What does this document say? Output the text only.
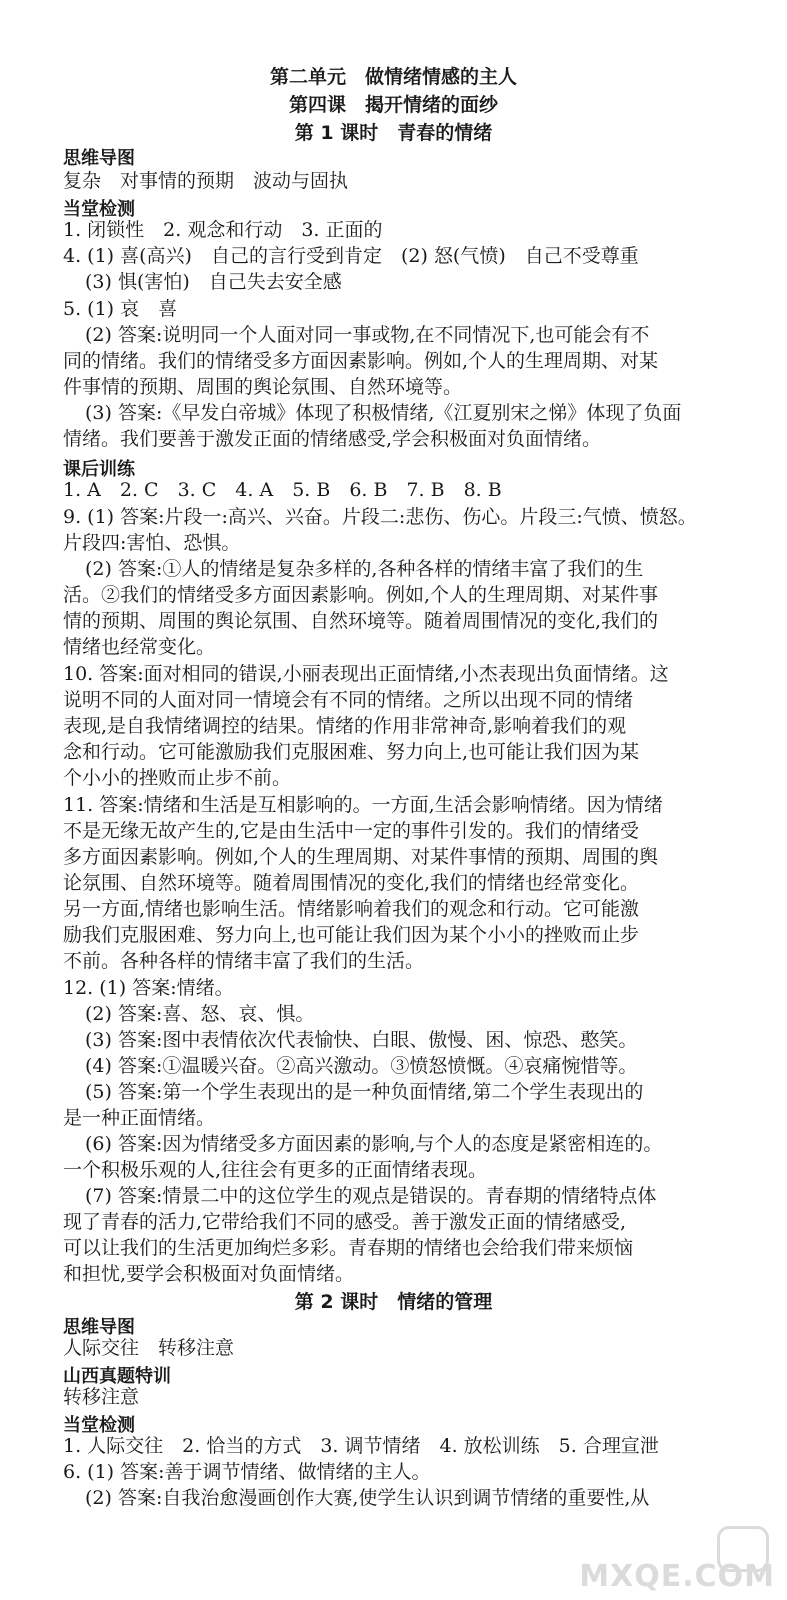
第二单元　做情绪情感的主人
第四课　揭开情绪的面纱
第 1 课时　青春的情绪
思维导图
复杂　对事情的预期　波动与固执
当堂检测
1. 闭锁性　2. 观念和行动　3. 正面的
4. (1) 喜(高兴)　自己的言行受到肯定　(2) 怒(气愤)　自己不受尊重
(3) 惧(害怕)　自己失去安全感
5. (1) 哀　喜
(2) 答案:说明同一个人面对同一事或物,在不同情况下,也可能会有不
同的情绪。我们的情绪受多方面因素影响。例如,个人的生理周期、对某
件事情的预期、周围的舆论氛围、自然环境等。
(3) 答案:《早发白帝城》体现了积极情绪,《江夏别宋之悌》体现了负面
情绪。我们要善于激发正面的情绪感受,学会积极面对负面情绪。
课后训练
1. A　2. C　3. C　4. A　5. B　6. B　7. B　8. B
9. (1) 答案:片段一:高兴、兴奋。片段二:悲伤、伤心。片段三:气愤、愤怒。
片段四:害怕、恐惧。
(2) 答案:①人的情绪是复杂多样的,各种各样的情绪丰富了我们的生
活。②我们的情绪受多方面因素影响。例如,个人的生理周期、对某件事
情的预期、周围的舆论氛围、自然环境等。随着周围情况的变化,我们的
情绪也经常变化。
10. 答案:面对相同的错误,小丽表现出正面情绪,小杰表现出负面情绪。这
说明不同的人面对同一情境会有不同的情绪。之所以出现不同的情绪
表现,是自我情绪调控的结果。情绪的作用非常神奇,影响着我们的观
念和行动。它可能激励我们克服困难、努力向上,也可能让我们因为某
个小小的挫败而止步不前。
11. 答案:情绪和生活是互相影响的。一方面,生活会影响情绪。因为情绪
不是无缘无故产生的,它是由生活中一定的事件引发的。我们的情绪受
多方面因素影响。例如,个人的生理周期、对某件事情的预期、周围的舆
论氛围、自然环境等。随着周围情况的变化,我们的情绪也经常变化。
另一方面,情绪也影响生活。情绪影响着我们的观念和行动。它可能激
励我们克服困难、努力向上,也可能让我们因为某个小小的挫败而止步
不前。各种各样的情绪丰富了我们的生活。
12. (1) 答案:情绪。
(2) 答案:喜、怒、哀、惧。
(3) 答案:图中表情依次代表愉快、白眼、傲慢、困、惊恐、憨笑。
(4) 答案:①温暖兴奋。②高兴激动。③愤怒愤慨。④哀痛惋惜等。
(5) 答案:第一个学生表现出的是一种负面情绪,第二个学生表现出的
是一种正面情绪。
(6) 答案:因为情绪受多方面因素的影响,与个人的态度是紧密相连的。
一个积极乐观的人,往往会有更多的正面情绪表现。
(7) 答案:情景二中的这位学生的观点是错误的。青春期的情绪特点体
现了青春的活力,它带给我们不同的感受。善于激发正面的情绪感受,
可以让我们的生活更加绚烂多彩。青春期的情绪也会给我们带来烦恼
和担忧,要学会积极面对负面情绪。
第 2 课时　情绪的管理
思维导图
人际交往　转移注意
山西真题特训
转移注意
当堂检测
1. 人际交往　2. 恰当的方式　3. 调节情绪　4. 放松训练　5. 合理宣泄
6. (1) 答案:善于调节情绪、做情绪的主人。
(2) 答案:自我治愈漫画创作大赛,使学生认识到调节情绪的重要性,从
MXQE.COM
